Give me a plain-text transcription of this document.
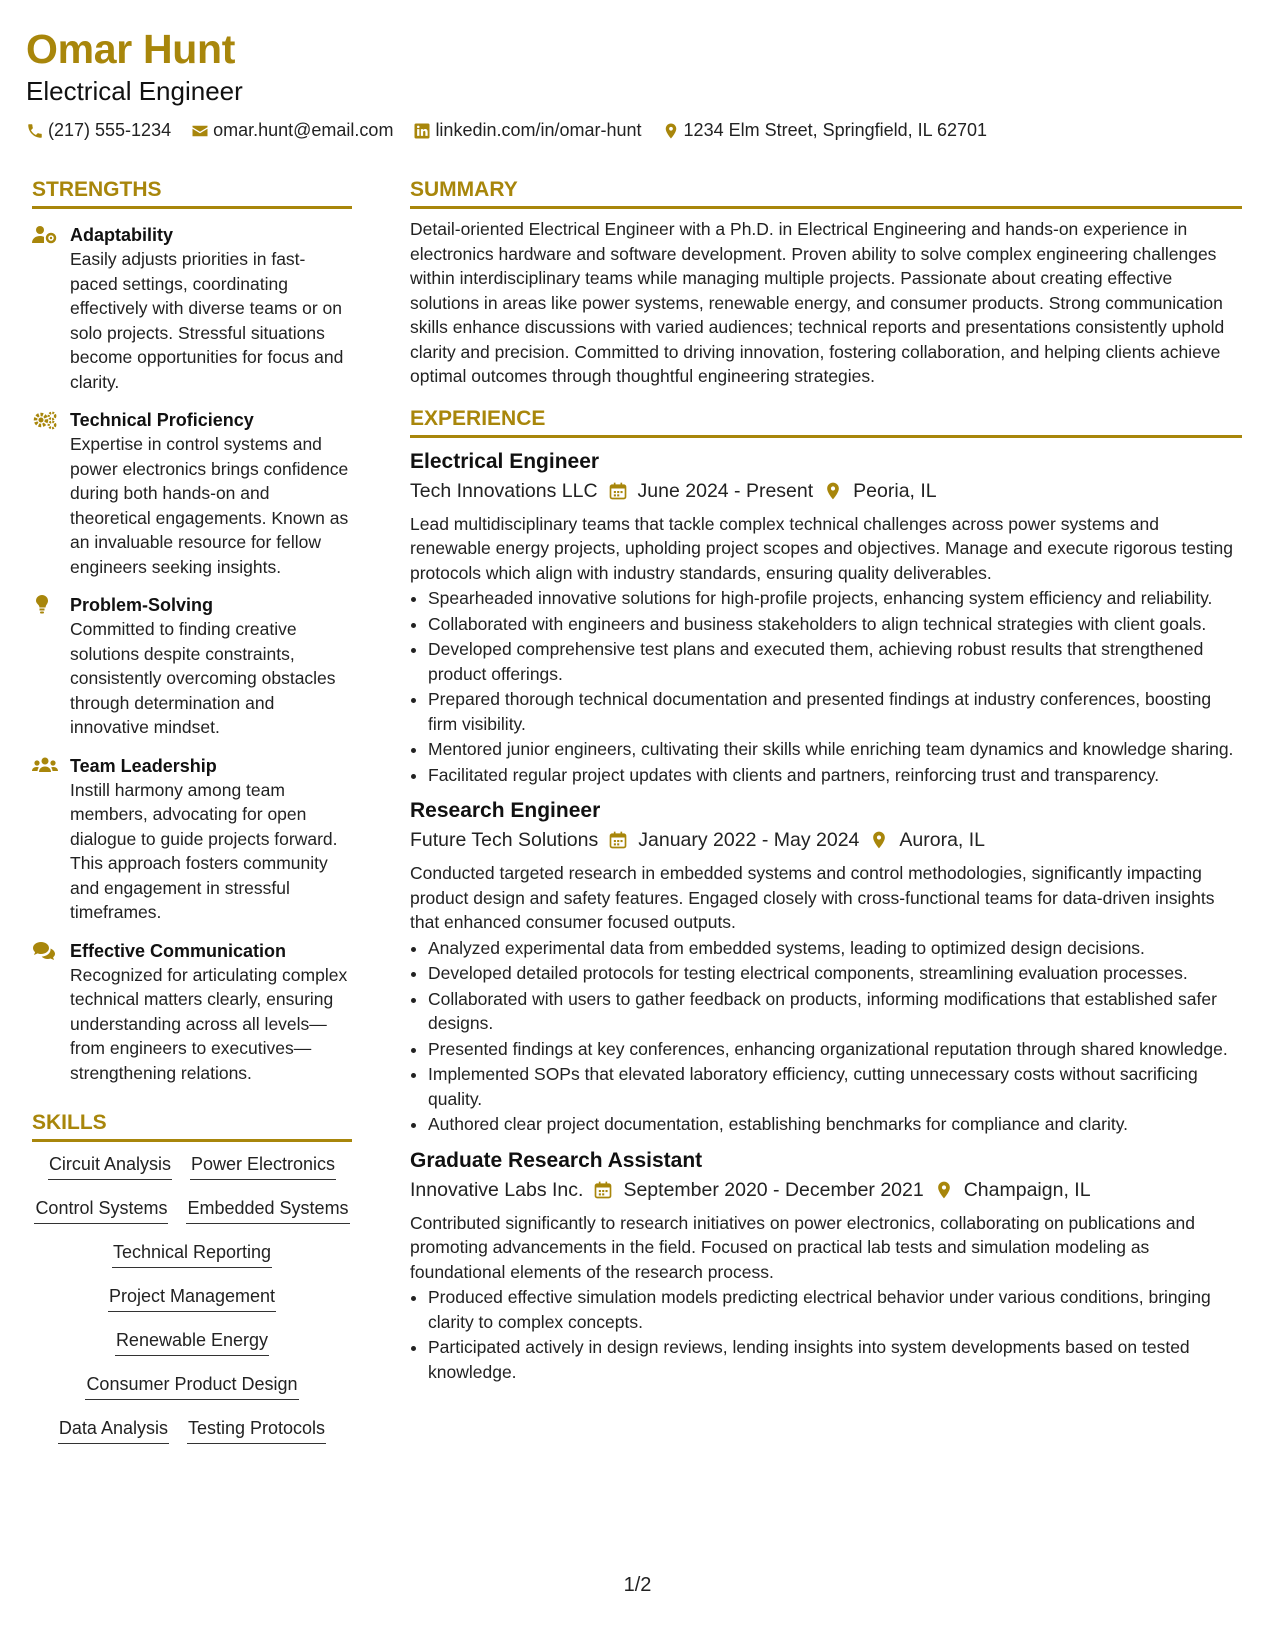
Omar Hunt
Electrical Engineer
(217) 555-1234 omar.hunt@email.com linkedin.com/in/omar-hunt 1234 Elm Street, Springfield, IL 62701
STRENGTHS
Adaptability
Easily adjusts priorities in fast-paced settings, coordinating effectively with diverse teams or on solo projects. Stressful situations become opportunities for focus and clarity.
Technical Proficiency
Expertise in control systems and power electronics brings confidence during both hands-on and theoretical engagements. Known as an invaluable resource for fellow engineers seeking insights.
Problem-Solving
Committed to finding creative solutions despite constraints, consistently overcoming obstacles through determination and innovative mindset.
Team Leadership
Instill harmony among team members, advocating for open dialogue to guide projects forward. This approach fosters community and engagement in stressful timeframes.
Effective Communication
Recognized for articulating complex technical matters clearly, ensuring understanding across all levels—from engineers to executives—strengthening relations.
SKILLS
Circuit Analysis Power Electronics
Control Systems Embedded Systems
Technical Reporting
Project Management
Renewable Energy
Consumer Product Design
Data Analysis Testing Protocols
SUMMARY
Detail-oriented Electrical Engineer with a Ph.D. in Electrical Engineering and hands-on experience in electronics hardware and software development. Proven ability to solve complex engineering challenges within interdisciplinary teams while managing multiple projects. Passionate about creating effective solutions in areas like power systems, renewable energy, and consumer products. Strong communication skills enhance discussions with varied audiences; technical reports and presentations consistently uphold clarity and precision. Committed to driving innovation, fostering collaboration, and helping clients achieve optimal outcomes through thoughtful engineering strategies.
EXPERIENCE
Electrical Engineer
Tech Innovations LLC June 2024 - Present Peoria, IL
Lead multidisciplinary teams that tackle complex technical challenges across power systems and renewable energy projects, upholding project scopes and objectives. Manage and execute rigorous testing protocols which align with industry standards, ensuring quality deliverables.
• Spearheaded innovative solutions for high-profile projects, enhancing system efficiency and reliability.
• Collaborated with engineers and business stakeholders to align technical strategies with client goals.
• Developed comprehensive test plans and executed them, achieving robust results that strengthened product offerings.
• Prepared thorough technical documentation and presented findings at industry conferences, boosting firm visibility.
• Mentored junior engineers, cultivating their skills while enriching team dynamics and knowledge sharing.
• Facilitated regular project updates with clients and partners, reinforcing trust and transparency.
Research Engineer
Future Tech Solutions January 2022 - May 2024 Aurora, IL
Conducted targeted research in embedded systems and control methodologies, significantly impacting product design and safety features. Engaged closely with cross-functional teams for data-driven insights that enhanced consumer focused outputs.
• Analyzed experimental data from embedded systems, leading to optimized design decisions.
• Developed detailed protocols for testing electrical components, streamlining evaluation processes.
• Collaborated with users to gather feedback on products, informing modifications that established safer designs.
• Presented findings at key conferences, enhancing organizational reputation through shared knowledge.
• Implemented SOPs that elevated laboratory efficiency, cutting unnecessary costs without sacrificing quality.
• Authored clear project documentation, establishing benchmarks for compliance and clarity.
Graduate Research Assistant
Innovative Labs Inc. September 2020 - December 2021 Champaign, IL
Contributed significantly to research initiatives on power electronics, collaborating on publications and promoting advancements in the field. Focused on practical lab tests and simulation modeling as foundational elements of the research process.
• Produced effective simulation models predicting electrical behavior under various conditions, bringing clarity to complex concepts.
• Participated actively in design reviews, lending insights into system developments based on tested knowledge.
1/2
